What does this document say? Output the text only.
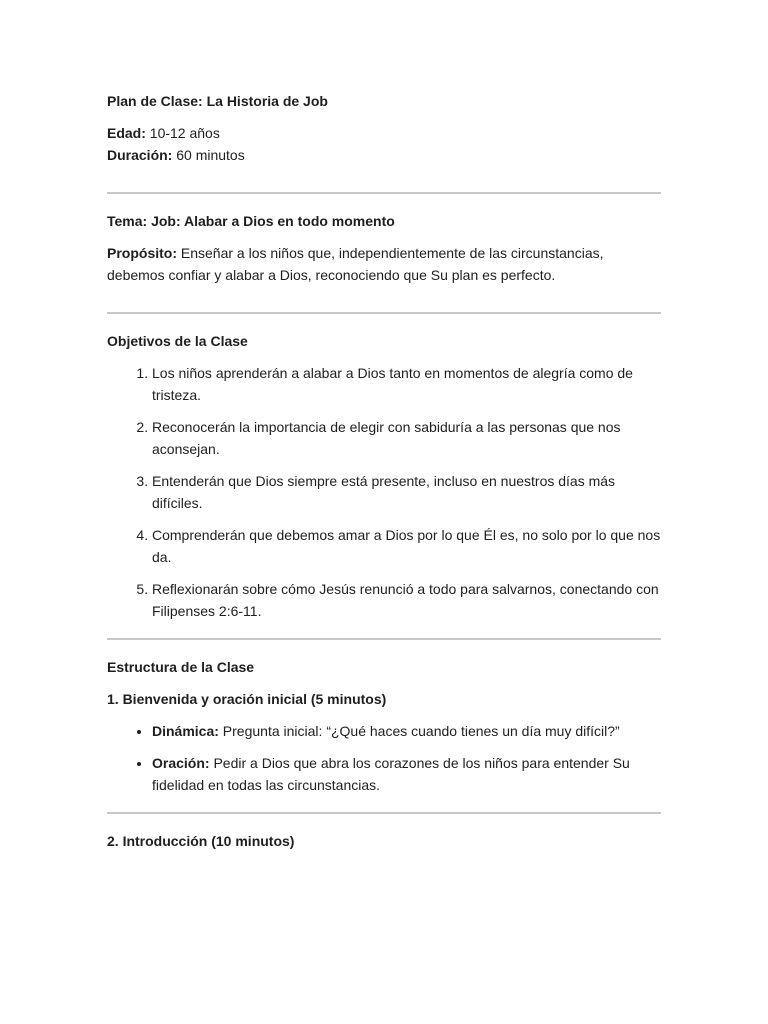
Plan de Clase: La Historia de Job

Edad: 10-12 años

Duración: 60 minutos

Tema: Job: Alabar a Dios en todo momento

Propósito: Enseñar a los niños que, independientemente de las circunstancias, debemos confiar y alabar a Dios, reconociendo que Su plan es perfecto.

Objetivos de la Clase

1. Los niños aprenderán a alabar a Dios tanto en momentos de alegría como de tristeza.
2. Reconocerán la importancia de elegir con sabiduría a las personas que nos aconsejan.
3. Entenderán que Dios siempre está presente, incluso en nuestros días más difíciles.
4. Comprenderán que debemos amar a Dios por lo que Él es, no solo por lo que nos da.
5. Reflexionarán sobre cómo Jesús renunció a todo para salvarnos, conectando con Filipenses 2:6-11.

Estructura de la Clase

1. Bienvenida y oración inicial (5 minutos)

• Dinámica: Pregunta inicial: “¿Qué haces cuando tienes un día muy difícil?”
• Oración: Pedir a Dios que abra los corazones de los niños para entender Su fidelidad en todas las circunstancias.

2. Introducción (10 minutos)
